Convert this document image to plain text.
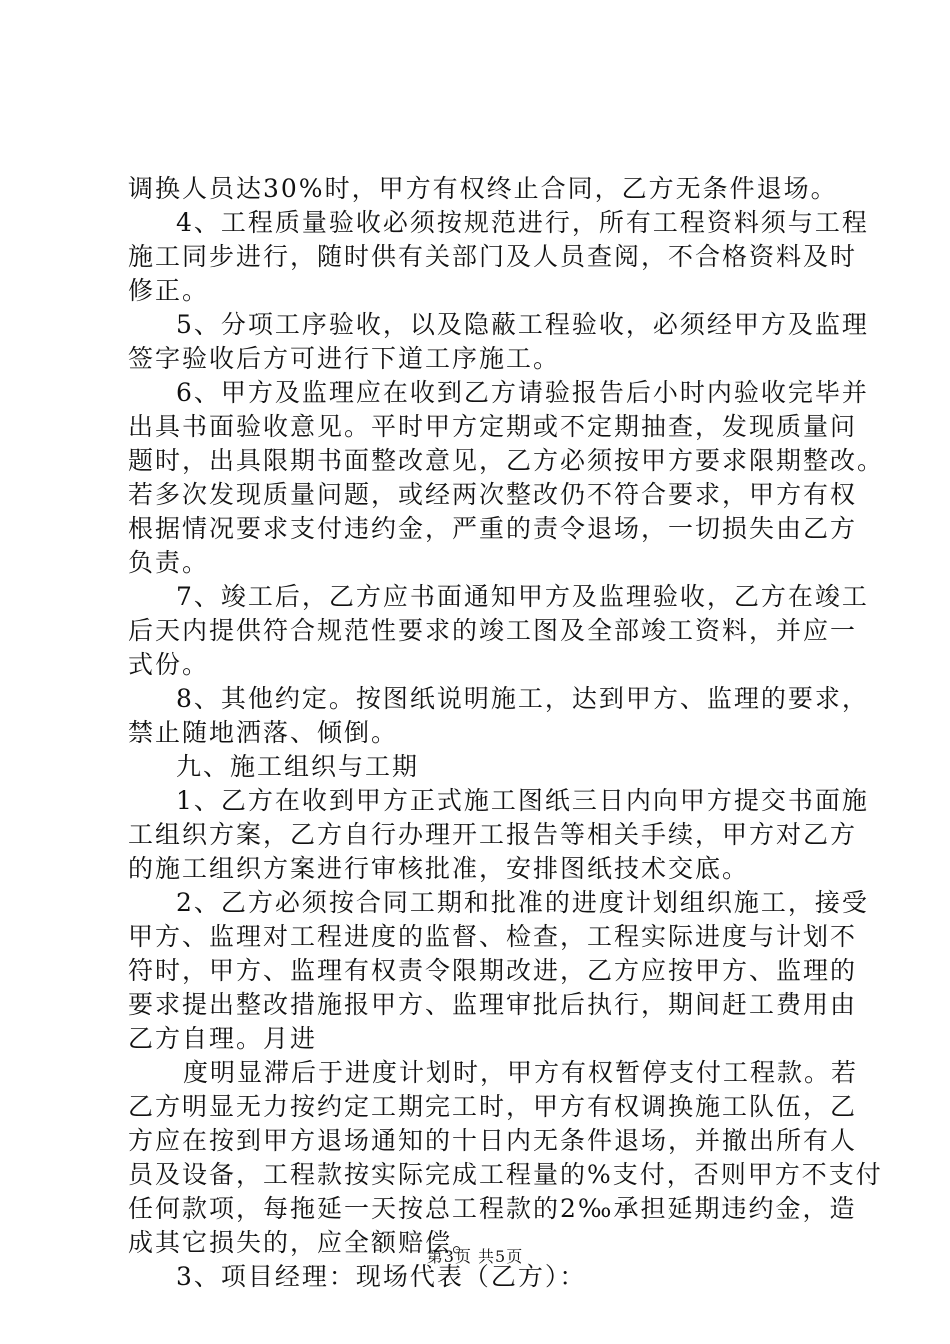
调换人员达30%时，甲方有权终止合同，乙方无条件退场。
4、工程质量验收必须按规范进行，所有工程资料须与工程
施工同步进行，随时供有关部门及人员查阅，不合格资料及时
修正。
5、分项工序验收，以及隐蔽工程验收，必须经甲方及监理
签字验收后方可进行下道工序施工。
6、甲方及监理应在收到乙方请验报告后小时内验收完毕并
出具书面验收意见。平时甲方定期或不定期抽查，发现质量问
题时，出具限期书面整改意见，乙方必须按甲方要求限期整改。
若多次发现质量问题，或经两次整改仍不符合要求，甲方有权
根据情况要求支付违约金，严重的责令退场，一切损失由乙方
负责。
7、竣工后，乙方应书面通知甲方及监理验收，乙方在竣工
后天内提供符合规范性要求的竣工图及全部竣工资料，并应一
式份。
8、其他约定。按图纸说明施工，达到甲方、监理的要求，
禁止随地洒落、倾倒。
九、施工组织与工期
1、乙方在收到甲方正式施工图纸三日内向甲方提交书面施
工组织方案，乙方自行办理开工报告等相关手续，甲方对乙方
的施工组织方案进行审核批准，安排图纸技术交底。
2、乙方必须按合同工期和批准的进度计划组织施工，接受
甲方、监理对工程进度的监督、检查，工程实际进度与计划不
符时，甲方、监理有权责令限期改进，乙方应按甲方、监理的
要求提出整改措施报甲方、监理审批后执行，期间赶工费用由
乙方自理。月进
度明显滞后于进度计划时，甲方有权暂停支付工程款。若
乙方明显无力按约定工期完工时，甲方有权调换施工队伍，乙
方应在按到甲方退场通知的十日内无条件退场，并撤出所有人
员及设备，工程款按实际完成工程量的%支付，否则甲方不支付
任何款项，每拖延一天按总工程款的2‰承担延期违约金，造
成其它损失的，应全额赔偿。
3、项目经理：现场代表（乙方）：
第3页 共5页
